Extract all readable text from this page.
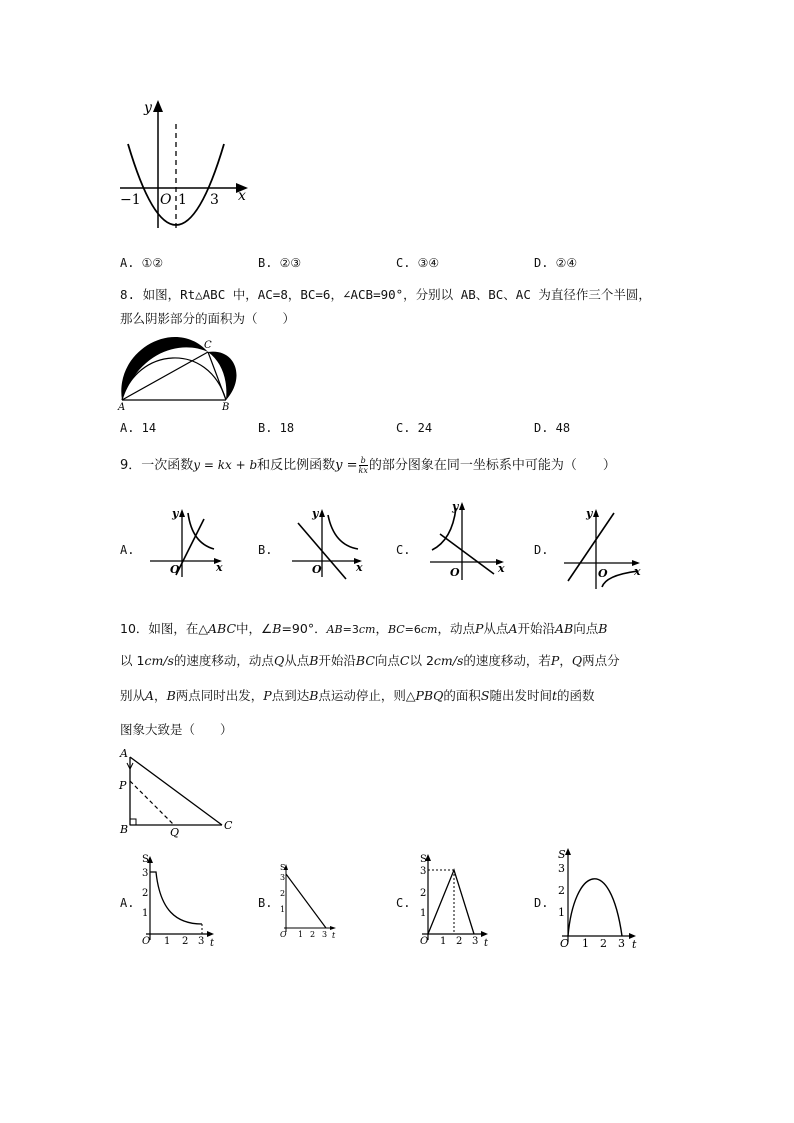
y
x
−1 O 1 3
A. ①②	B. ②③	C. ③④	D. ②④
8. 如图，Rt△ABC 中，AC=8，BC=6，∠ACB=90°，分别以 AB、BC、AC 为直径作三个半圆，
那么阴影部分的面积为（　　）
A	B
C
A. 14	B. 18	C. 24	D. 48
9．一次函数y = kx + b和反比例函数$y = \frac{b}{kx}$ 的部分图象在同一坐标系中可能为（　　）
A.	B.	C.	D.
y
x
O
y
x
O
y
x
O
y
x
O
10．如图，在△ABC中，∠B=90°．AB=3cm，BC=6cm，动点P从点A开始沿AB向点B
以 1cm/s的速度移动，动点Q从点B开始沿BC向点C以 2cm/s的速度移动，若P，Q两点分
别从A，B两点同时出发，P点到达B点运动停止，则△PBQ的面积S随出发时间t的函数
图象大致是（　　）
A
P
B	Q
C
A.	B.	C.	D.
S
3
2
1
O 1 2 3 t
S
3
2
1
O 1 2 3 t
S
3
2
1
O 1 2 3 t
S
3
2
1
O 1 2 3 t
